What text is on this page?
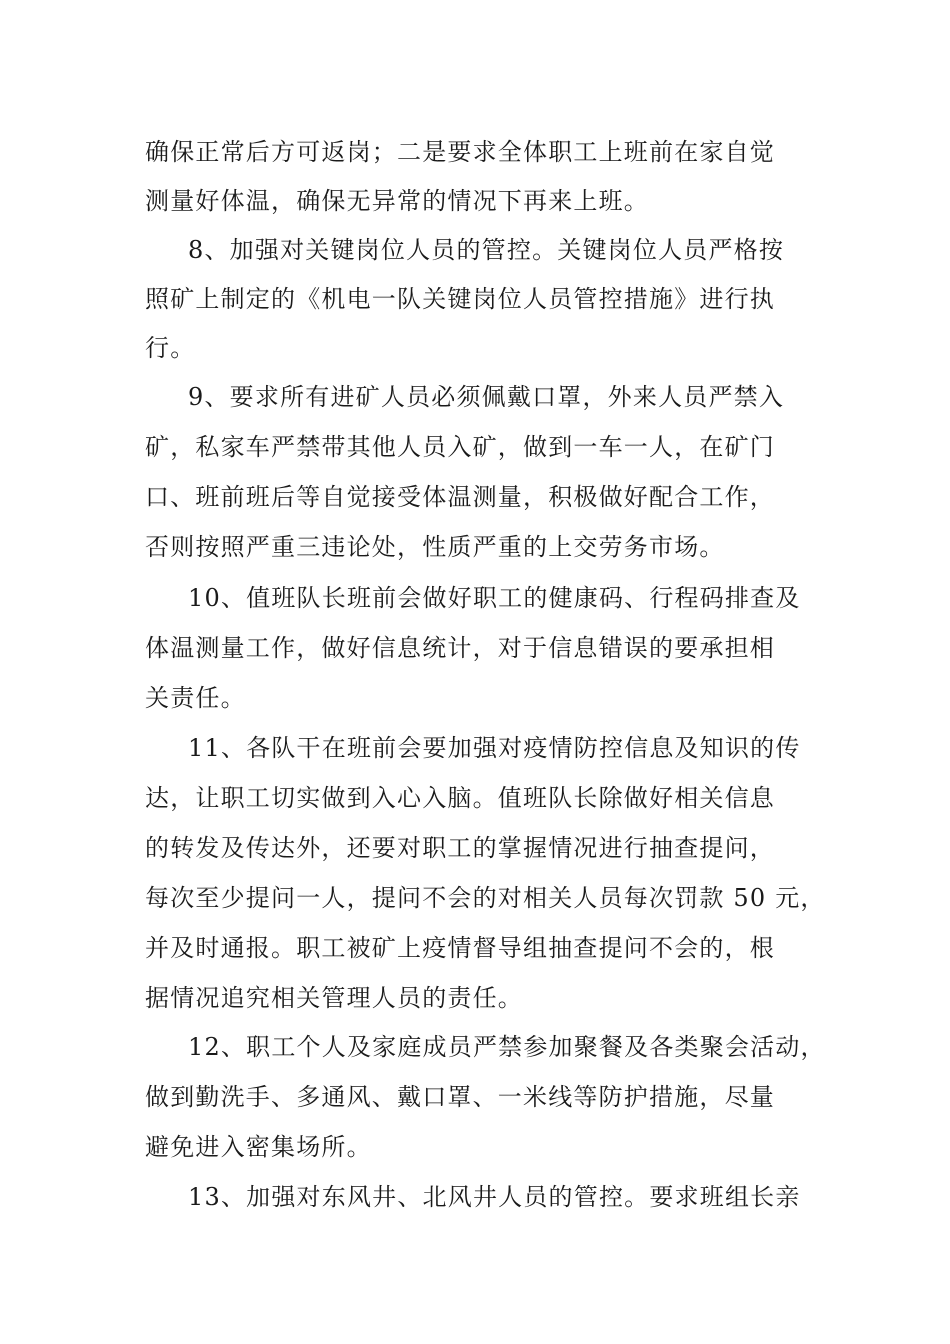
确保正常后方可返岗；二是要求全体职工上班前在家自觉
测量好体温，确保无异常的情况下再来上班。
8、加强对关键岗位人员的管控。关键岗位人员严格按
照矿上制定的《机电一队关键岗位人员管控措施》进行执
行。
9、要求所有进矿人员必须佩戴口罩，外来人员严禁入
矿，私家车严禁带其他人员入矿，做到一车一人，在矿门
口、班前班后等自觉接受体温测量，积极做好配合工作，
否则按照严重三违论处，性质严重的上交劳务市场。
10、值班队长班前会做好职工的健康码、行程码排查及
体温测量工作，做好信息统计，对于信息错误的要承担相
关责任。
11、各队干在班前会要加强对疫情防控信息及知识的传
达，让职工切实做到入心入脑。值班队长除做好相关信息
的转发及传达外，还要对职工的掌握情况进行抽查提问，
每次至少提问一人，提问不会的对相关人员每次罚款 50 元，
并及时通报。职工被矿上疫情督导组抽查提问不会的，根
据情况追究相关管理人员的责任。
12、职工个人及家庭成员严禁参加聚餐及各类聚会活动，
做到勤洗手、多通风、戴口罩、一米线等防护措施，尽量
避免进入密集场所。
13、加强对东风井、北风井人员的管控。要求班组长亲
